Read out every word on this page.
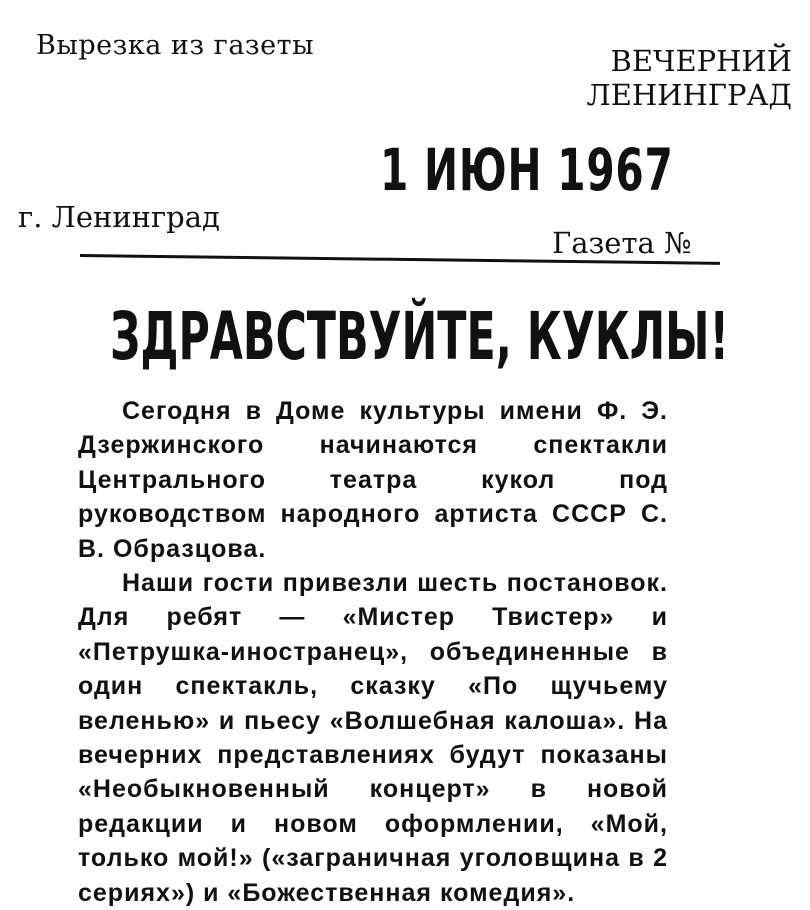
Вырезка из газеты	ВЕЧЕРНИЙ
ЛЕНИНГРАД
1 ИЮН 1967
г. Ленинград
Газета №
ЗДРАВСТВУЙТЕ, КУКЛЫ!

Сегодня в Доме культуры имени Ф. Э. Дзержинского начинаются спектакли Центрального театра кукол под руководством народного артиста СССР С. В. Образцова.

Наши гости привезли шесть постановок. Для ребят — «Мистер Твистер» и «Петрушка-иностранец», объединенные в один спектакль, сказку «По щучьему веленью» и пьесу «Волшебная калоша». На вечерних представлениях будут показаны «Необыкновенный концерт» в новой редакции и новом оформлении, «Мой, только мой!» («заграничная уголовщина в 2 сериях») и «Божественная комедия».
